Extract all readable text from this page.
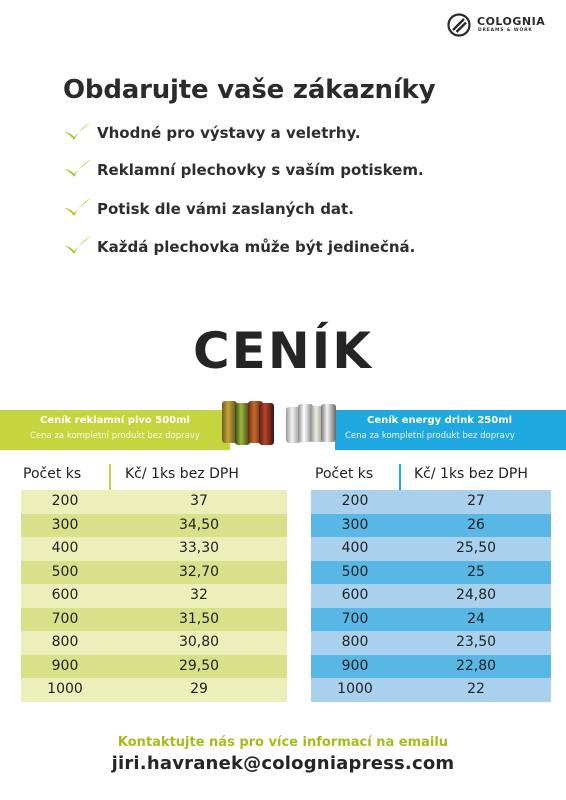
COLOGNIA
DREAMS & WORK
Obdarujte vaše zákazníky
Vhodné pro výstavy a veletrhy.
Reklamní plechovky s vaším potiskem.
Potisk dle vámi zaslaných dat.
Každá plechovka může být jedinečná.
CENÍK
Ceník reklamní pivo 500ml
Cena za kompletní produkt bez dopravy
Ceník energy drink 250ml
Cena za kompletní produkt bez dopravy
Počet ks	Kč/ 1ks bez DPH
200	37
300	34,50
400	33,30
500	32,70
600	32
700	31,50
800	30,80
900	29,50
1000	29
Počet ks	Kč/ 1ks bez DPH
200	27
300	26
400	25,50
500	25
600	24,80
700	24
800	23,50
900	22,80
1000	22
Kontaktujte nás pro více informací na emailu
jiri.havranek@cologniapress.com
